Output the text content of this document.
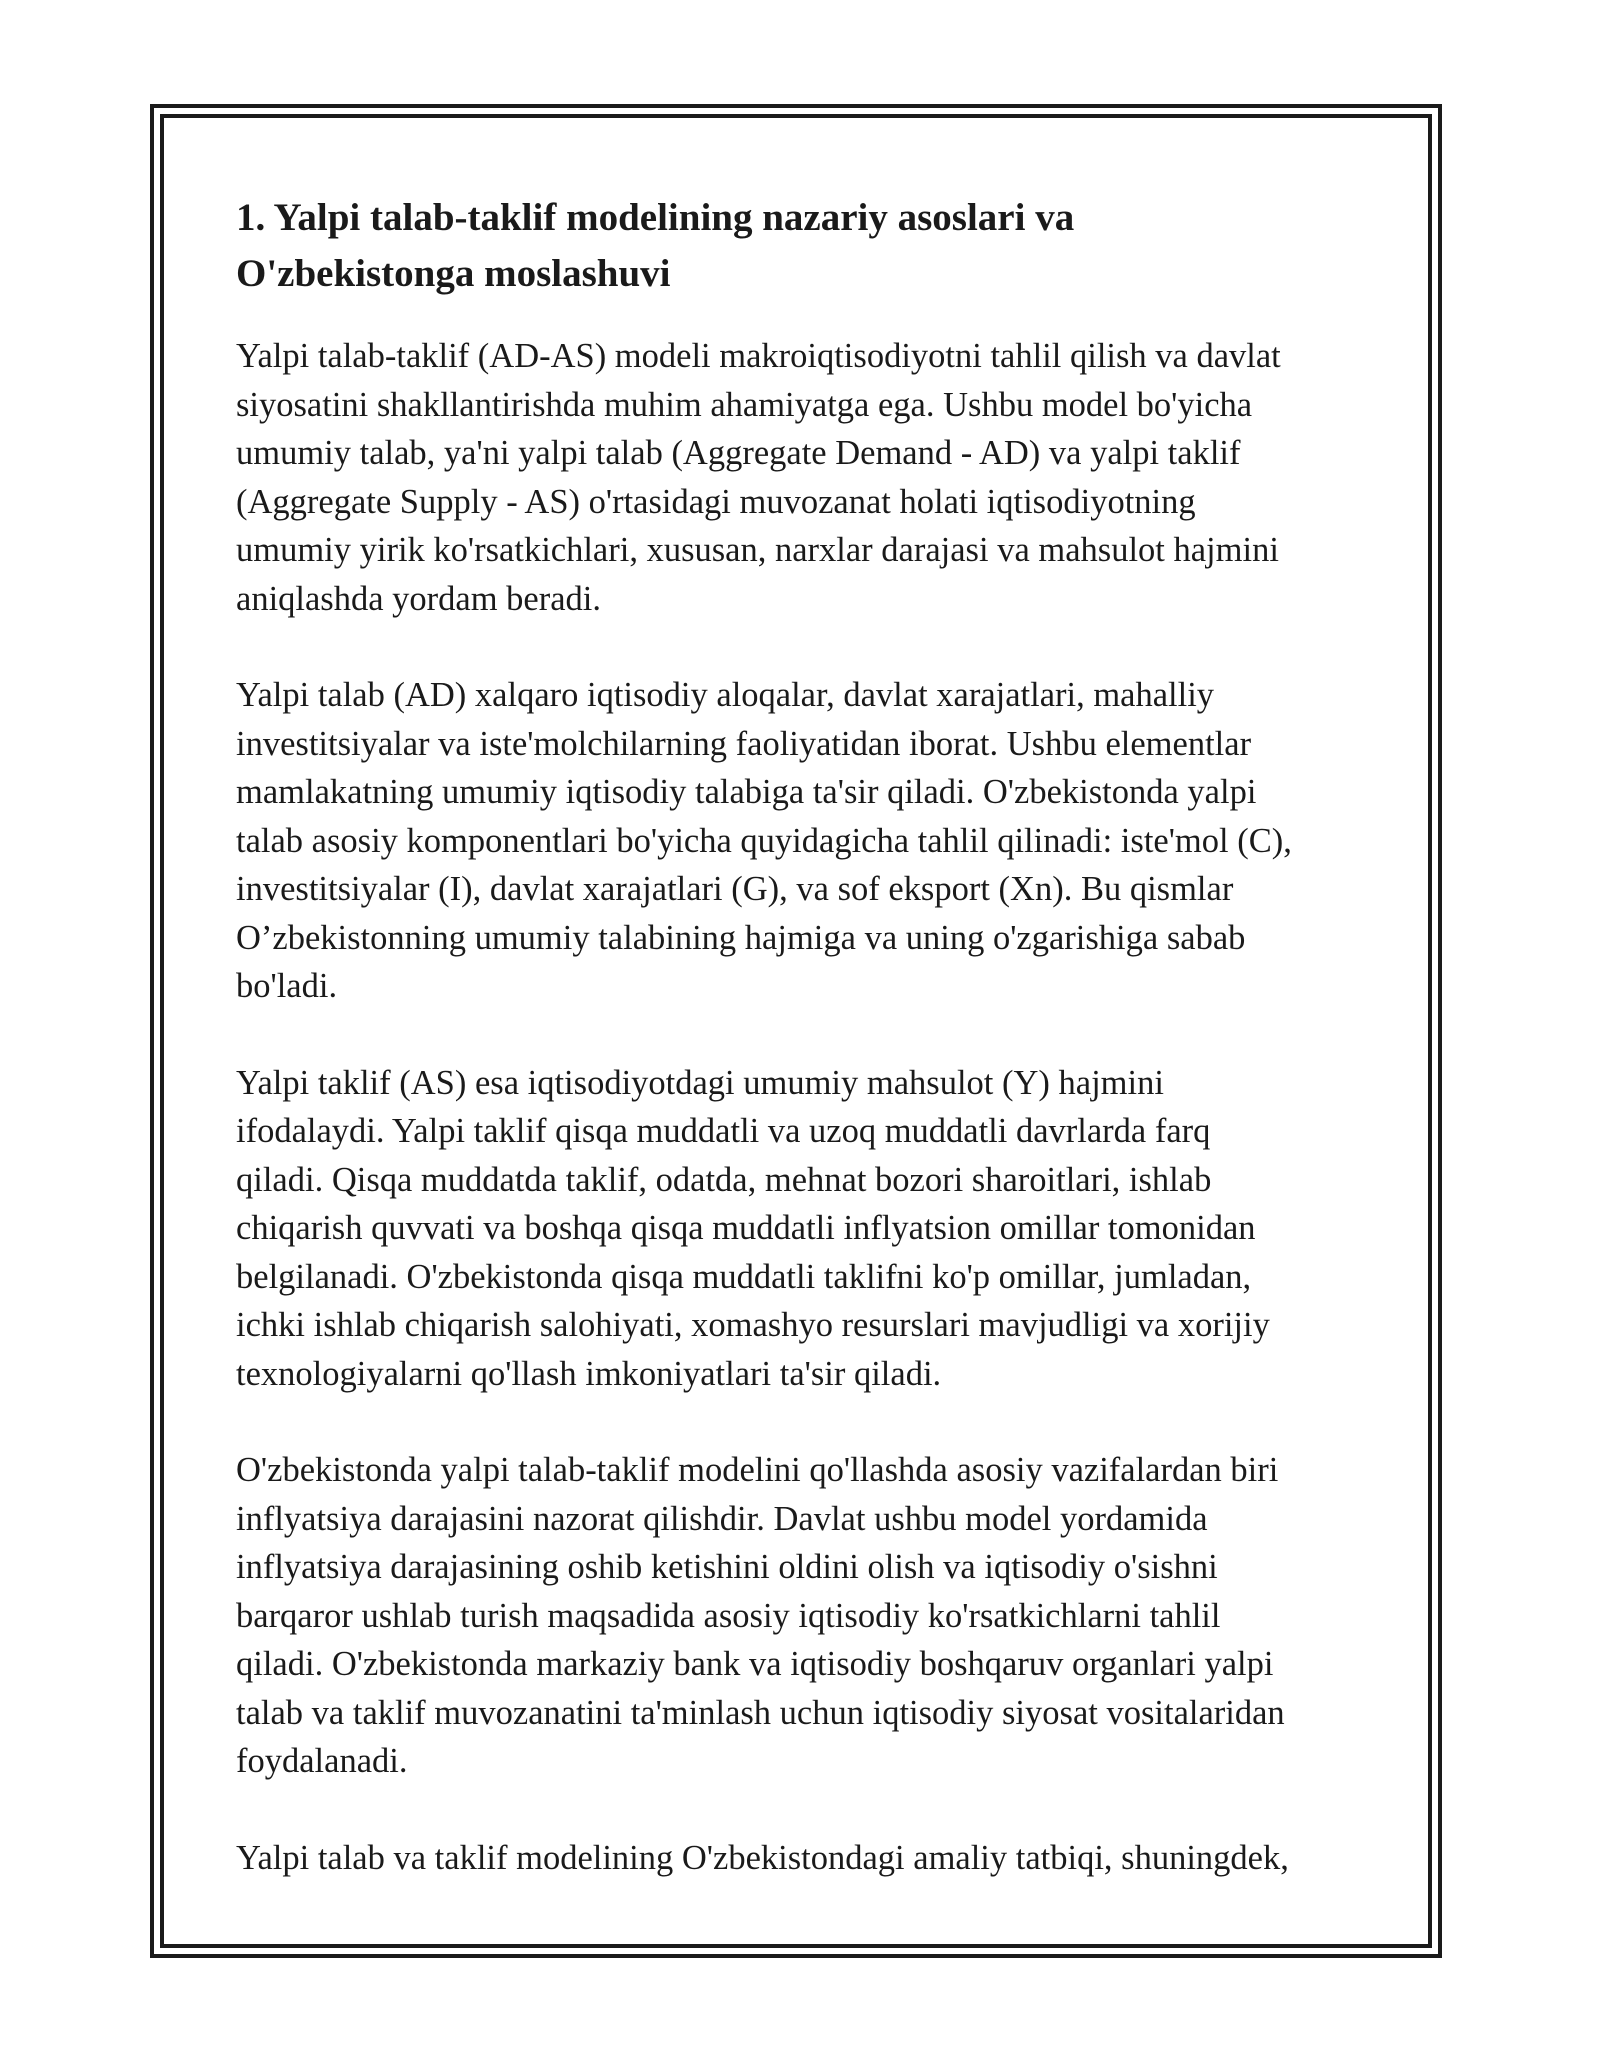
1. Yalpi talab-taklif modelining nazariy asoslari va
O'zbekistonga moslashuvi

Yalpi talab-taklif (AD-AS) modeli makroiqtisodiyotni tahlil qilish va davlat
siyosatini shakllantirishda muhim ahamiyatga ega. Ushbu model bo'yicha
umumiy talab, ya'ni yalpi talab (Aggregate Demand - AD) va yalpi taklif
(Aggregate Supply - AS) o'rtasidagi muvozanat holati iqtisodiyotning
umumiy yirik ko'rsatkichlari, xususan, narxlar darajasi va mahsulot hajmini
aniqlashda yordam beradi.

Yalpi talab (AD) xalqaro iqtisodiy aloqalar, davlat xarajatlari, mahalliy
investitsiyalar va iste'molchilarning faoliyatidan iborat. Ushbu elementlar
mamlakatning umumiy iqtisodiy talabiga ta'sir qiladi. O'zbekistonda yalpi
talab asosiy komponentlari bo'yicha quyidagicha tahlil qilinadi: iste'mol (C),
investitsiyalar (I), davlat xarajatlari (G), va sof eksport (Xn). Bu qismlar
O’zbekistonning umumiy talabining hajmiga va uning o'zgarishiga sabab
bo'ladi.

Yalpi taklif (AS) esa iqtisodiyotdagi umumiy mahsulot (Y) hajmini
ifodalaydi. Yalpi taklif qisqa muddatli va uzoq muddatli davrlarda farq
qiladi. Qisqa muddatda taklif, odatda, mehnat bozori sharoitlari, ishlab
chiqarish quvvati va boshqa qisqa muddatli inflyatsion omillar tomonidan
belgilanadi. O'zbekistonda qisqa muddatli taklifni ko'p omillar, jumladan,
ichki ishlab chiqarish salohiyati, xomashyo resurslari mavjudligi va xorijiy
texnologiyalarni qo'llash imkoniyatlari ta'sir qiladi.

O'zbekistonda yalpi talab-taklif modelini qo'llashda asosiy vazifalardan biri
inflyatsiya darajasini nazorat qilishdir. Davlat ushbu model yordamida
inflyatsiya darajasining oshib ketishini oldini olish va iqtisodiy o'sishni
barqaror ushlab turish maqsadida asosiy iqtisodiy ko'rsatkichlarni tahlil
qiladi. O'zbekistonda markaziy bank va iqtisodiy boshqaruv organlari yalpi
talab va taklif muvozanatini ta'minlash uchun iqtisodiy siyosat vositalaridan
foydalanadi.

Yalpi talab va taklif modelining O'zbekistondagi amaliy tatbiqi, shuningdek,
